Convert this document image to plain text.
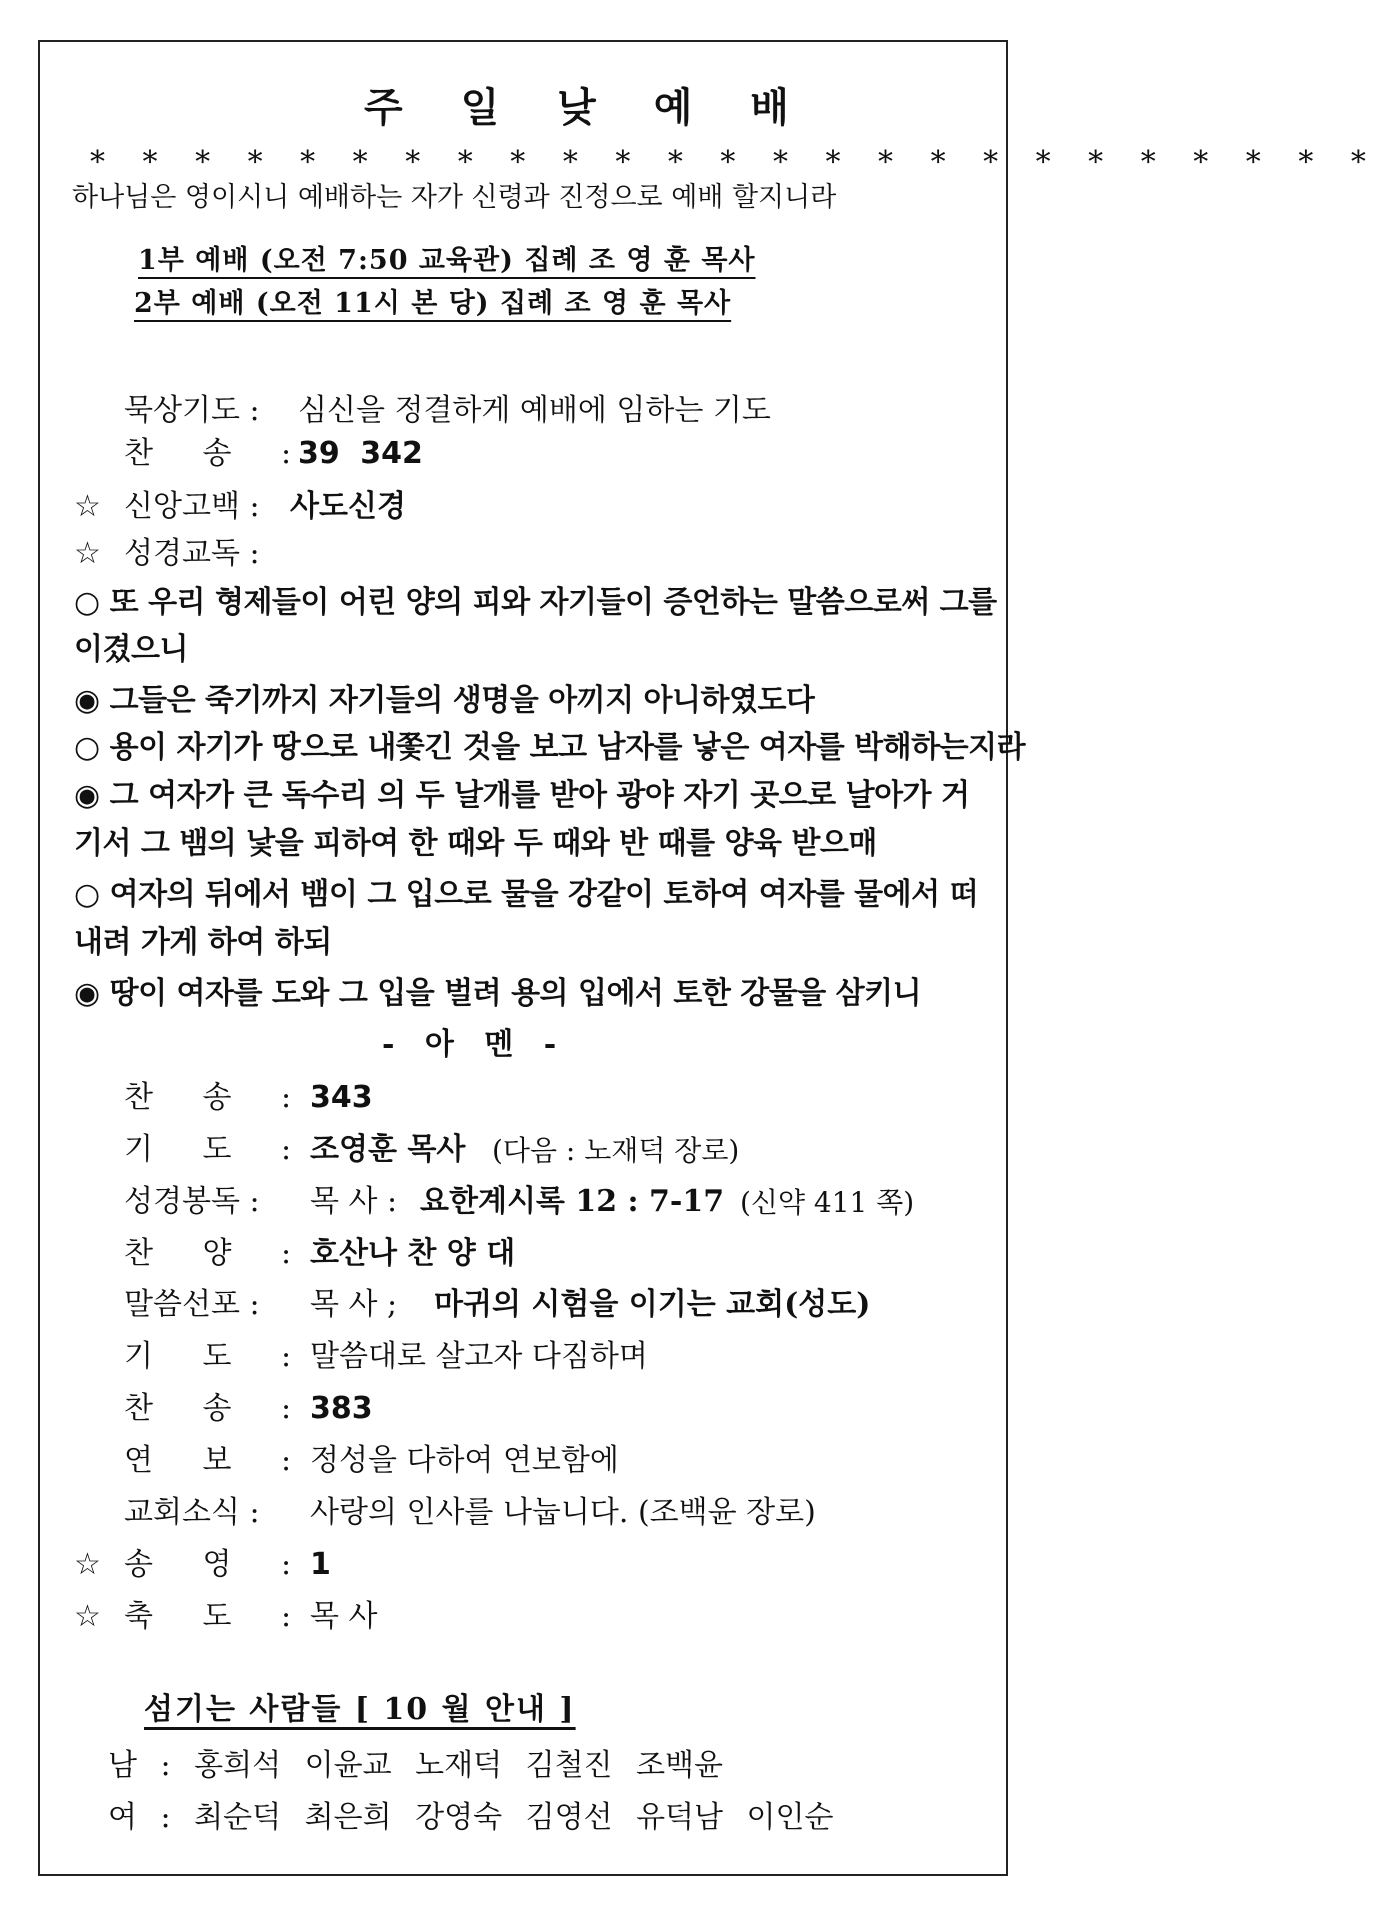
주 일 낮 예 배
* * * * * * * * * * * * * * * * * * * * * * * * *
하나님은 영이시니 예배하는 자가 신령과 진정으로 예배 할지니라
1부 예배 (오전 7:50 교육관) 집례 조 영 훈 목사
2부 예배 (오전 11시 본 당) 집례 조 영 훈 목사
묵상기도 : 심신을 정결하게 예배에 임하는 기도
찬 송 : 39 342
☆ 신앙고백 : 사도신경
☆ 성경교독 :
○ 또 우리 형제들이 어린 양의 피와 자기들이 증언하는 말씀으로써 그를
이겼으니
◉ 그들은 죽기까지 자기들의 생명을 아끼지 아니하였도다
○ 용이 자기가 땅으로 내쫓긴 것을 보고 남자를 낳은 여자를 박해하는지라
◉ 그 여자가 큰 독수리 의 두 날개를 받아 광야 자기 곳으로 날아가 거
기서 그 뱀의 낯을 피하여 한 때와 두 때와 반 때를 양육 받으매
○ 여자의 뒤에서 뱀이 그 입으로 물을 강같이 토하여 여자를 물에서 떠
내려 가게 하여 하되
◉ 땅이 여자를 도와 그 입을 벌려 용의 입에서 토한 강물을 삼키니
- 아 멘 -
찬 송 : 343
기 도 : 조영훈 목사 (다음 : 노재덕 장로)
성경봉독 : 목 사 : 요한계시록 12 : 7-17 (신약 411 쪽)
찬 양 : 호산나 찬 양 대
말씀선포 : 목 사 ; 마귀의 시험을 이기는 교회(성도)
기 도 : 말씀대로 살고자 다짐하며
찬 송 : 383
연 보 : 정성을 다하여 연보함에
교회소식 : 사랑의 인사를 나눕니다. (조백윤 장로)
☆ 송 영 : 1
☆ 축 도 : 목 사
섬기는 사람들 [ 10 월 안내 ]
남 : 홍희석 이윤교 노재덕 김철진 조백윤
여 : 최순덕 최은희 강영숙 김영선 유덕남 이인순
